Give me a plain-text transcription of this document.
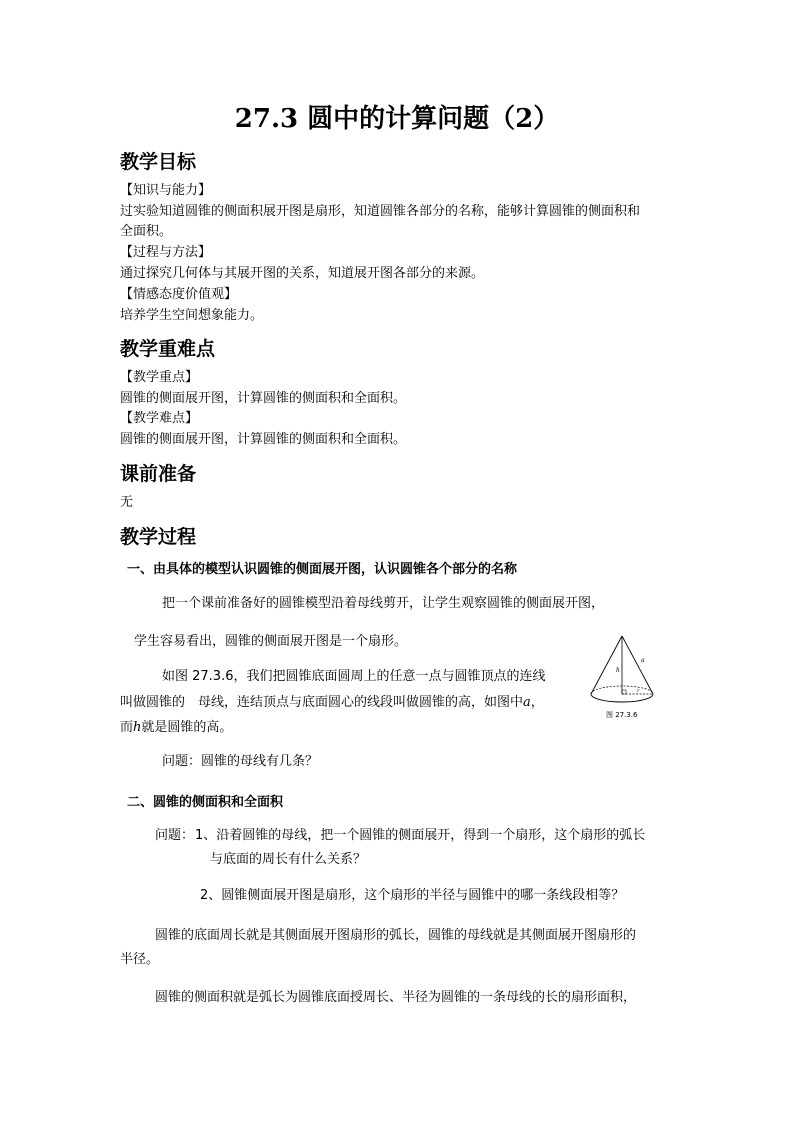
27.3 圆中的计算问题（2）
教学目标
【知识与能力】
过实验知道圆锥的侧面积展开图是扇形，知道圆锥各部分的名称，能够计算圆锥的侧面积和
全面积。
【过程与方法】
通过探究几何体与其展开图的关系，知道展开图各部分的来源。
【情感态度价值观】
培养学生空间想象能力。
教学重难点
【教学重点】
圆锥的侧面展开图，计算圆锥的侧面积和全面积。
【教学难点】
圆锥的侧面展开图，计算圆锥的侧面积和全面积。
课前准备
无
教学过程
一、由具体的模型认识圆锥的侧面展开图，认识圆锥各个部分的名称
把一个课前准备好的圆锥模型沿着母线剪开，让学生观察圆锥的侧面展开图，
学生容易看出，圆锥的侧面展开图是一个扇形。
如图 27.3.6，我们把圆锥底面圆周上的任意一点与圆锥顶点的连线
叫做圆锥的　母线，连结顶点与底面圆心的线段叫做圆锥的高，如图中a，
而h就是圆锥的高。
a
h
r
图 27.3.6
问题：圆锥的母线有几条？
二、圆锥的侧面积和全面积
问题： 1、沿着圆锥的母线，把一个圆锥的侧面展开，得到一个扇形，这个扇形的弧长
与底面的周长有什么关系？
2、圆锥侧面展开图是扇形，这个扇形的半径与圆锥中的哪一条线段相等？
圆锥的底面周长就是其侧面展开图扇形的弧长，圆锥的母线就是其侧面展开图扇形的
半径。
圆锥的侧面积就是弧长为圆锥底面授周长、半径为圆锥的一条母线的长的扇形面积，
